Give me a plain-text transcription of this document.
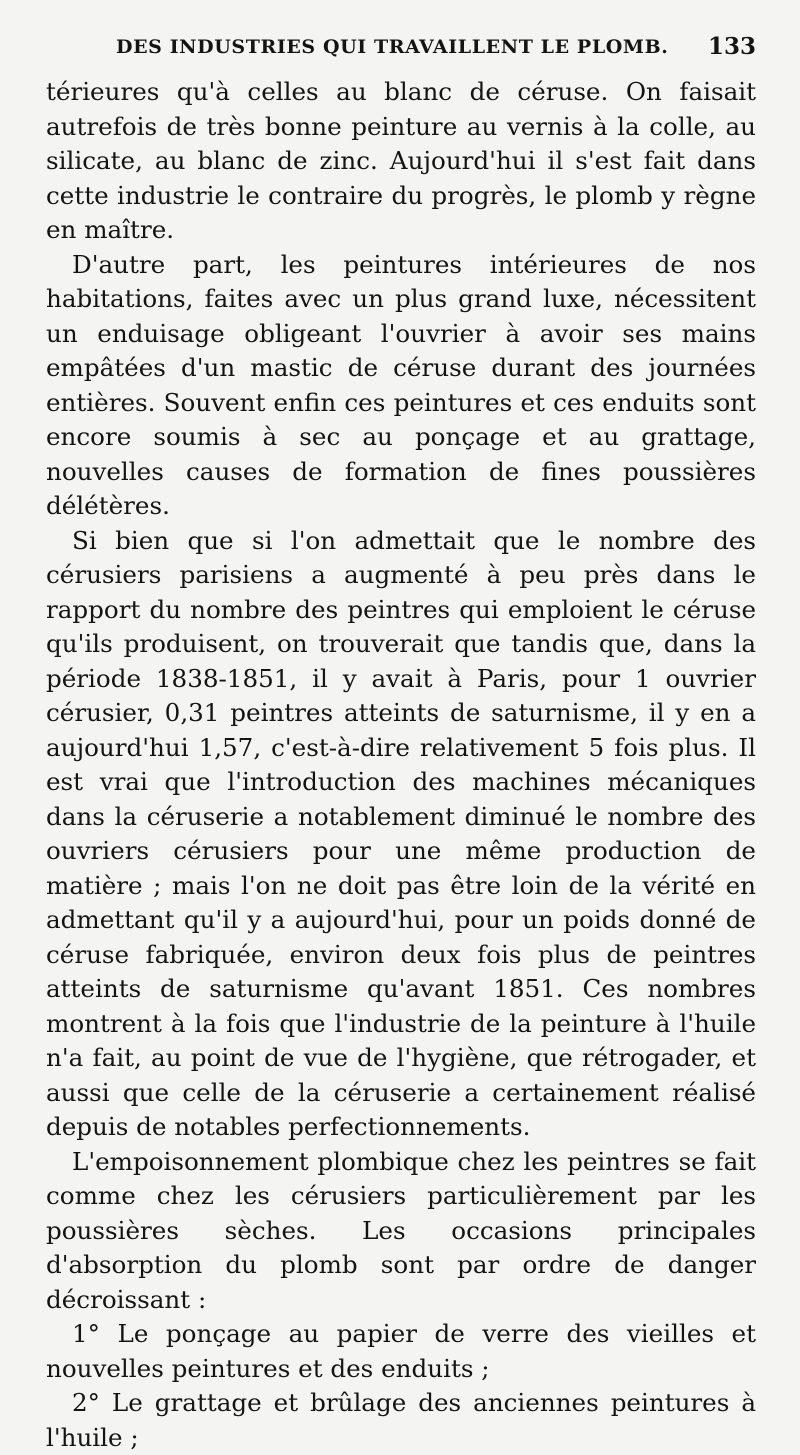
DES INDUSTRIES QUI TRAVAILLENT LE PLOMB. 133

térieures qu'à celles au blanc de céruse. On faisait autrefois de très bonne peinture au vernis à la colle, au silicate, au blanc de zinc. Aujourd'hui il s'est fait dans cette industrie le contraire du progrès, le plomb y règne en maître.

D'autre part, les peintures intérieures de nos habitations, faites avec un plus grand luxe, nécessitent un enduisage obligeant l'ouvrier à avoir ses mains empâtées d'un mastic de céruse durant des journées entières. Souvent enfin ces peintures et ces enduits sont encore soumis à sec au ponçage et au grattage, nouvelles causes de formation de fines poussières délétères.

Si bien que si l'on admettait que le nombre des cérusiers parisiens a augmenté à peu près dans le rapport du nombre des peintres qui emploient le céruse qu'ils produisent, on trouverait que tandis que, dans la période 1838-1851, il y avait à Paris, pour 1 ouvrier cérusier, 0,31 peintres atteints de saturnisme, il y en a aujourd'hui 1,57, c'est-à-dire relativement 5 fois plus. Il est vrai que l'introduction des machines mécaniques dans la céruserie a notablement diminué le nombre des ouvriers cérusiers pour une même production de matière ; mais l'on ne doit pas être loin de la vérité en admettant qu'il y a aujourd'hui, pour un poids donné de céruse fabriquée, environ deux fois plus de peintres atteints de saturnisme qu'avant 1851. Ces nombres montrent à la fois que l'industrie de la peinture à l'huile n'a fait, au point de vue de l'hygiène, que rétrogader, et aussi que celle de la céruserie a certainement réalisé depuis de notables perfectionnements.

L'empoisonnement plombique chez les peintres se fait comme chez les cérusiers particulièrement par les poussières sèches. Les occasions principales d'absorption du plomb sont par ordre de danger décroissant :

1° Le ponçage au papier de verre des vieilles et nouvelles peintures et des enduits ;

2° Le grattage et brûlage des anciennes peintures à l'huile ;
